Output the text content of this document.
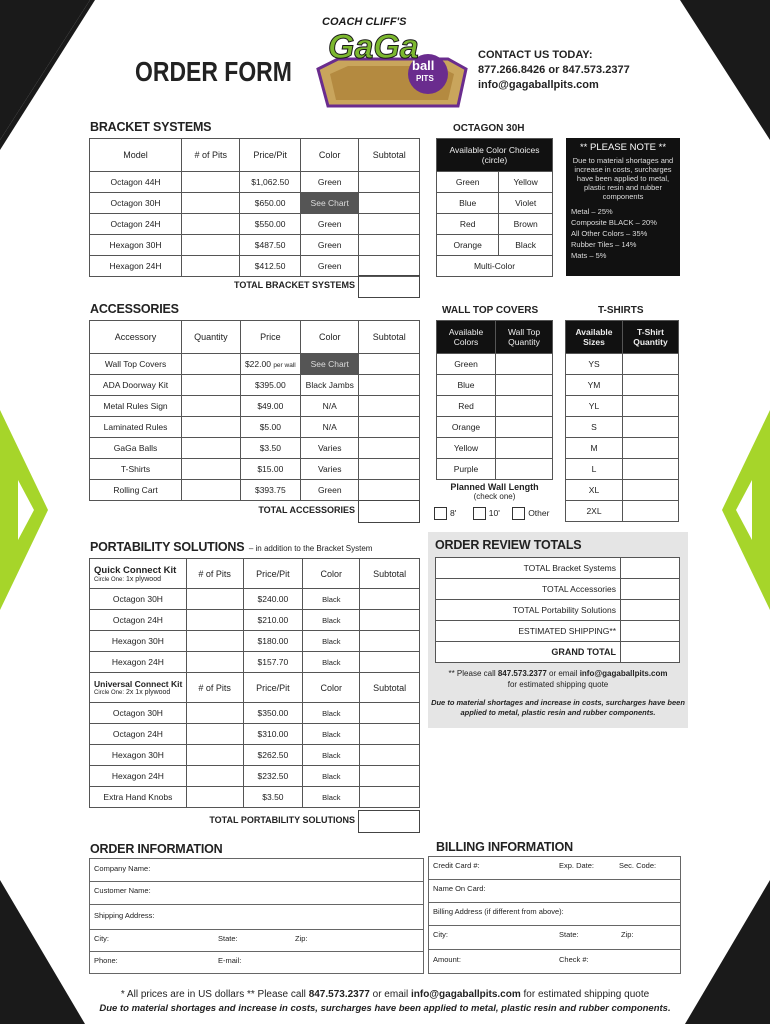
ORDER FORM
COACH CLIFF'S
GaGa
ball
PITS
CONTACT US TODAY:
877.266.8426 or 847.573.2377
info@gagaballpits.com
BRACKET SYSTEMS
Model	# of Pits	Price/Pit	Color	Subtotal
Octagon 44H		$1,062.50	Green	
Octagon 30H		$650.00	See Chart	
Octagon 24H		$550.00	Green	
Hexagon 30H		$487.50	Green	
Hexagon 24H		$412.50	Green	
TOTAL BRACKET SYSTEMS
OCTAGON 30H
Available Color Choices (circle)	
Green	Yellow
Blue	Violet
Red	Brown
Orange	Black
Multi-Color	
** PLEASE NOTE **
Due to material shortages and increase in costs, surcharges have been applied to metal, plastic resin and rubber components
Metal – 25%
Composite BLACK – 20%
All Other Colors – 35%
Rubber Tiles – 14%
Mats – 5%
ACCESSORIES
Accessory	Quantity	Price	Color	Subtotal
Wall Top Covers		$22.00 per wall	See Chart	
ADA Doorway Kit		$395.00	Black Jambs	
Metal Rules Sign		$49.00	N/A	
Laminated Rules		$5.00	N/A	
GaGa Balls		$3.50	Varies	
T-Shirts		$15.00	Varies	
Rolling Cart		$393.75	Green	
TOTAL ACCESSORIES
WALL TOP COVERS
Available Colors	Wall Top Quantity
Green	
Blue	
Red	
Orange	
Yellow	
Purple	
Planned Wall Length
(check one)
8'	10'	Other
T-SHIRTS
Available Sizes	T-Shirt Quantity
YS	
YM	
YL	
S	
M	
L	
XL	
2XL	
PORTABILITY SOLUTIONS – in addition to the Bracket System
Quick Connect Kit
Circle One: 1x plywood	# of Pits	Price/Pit	Color	Subtotal
Octagon 30H		$240.00	Black	
Octagon 24H		$210.00	Black	
Hexagon 30H		$180.00	Black	
Hexagon 24H		$157.70	Black	

Universal Connect Kit
Circle One: 2x 1x plywood	# of Pits	Price/Pit	Color	Subtotal
Octagon 30H		$350.00	Black	
Octagon 24H		$310.00	Black	
Hexagon 30H		$262.50	Black	
Hexagon 24H		$232.50	Black	
Extra Hand Knobs		$3.50	Black	
TOTAL PORTABILITY SOLUTIONS
ORDER REVIEW TOTALS
TOTAL Bracket Systems	
TOTAL Accessories	
TOTAL Portability Solutions	
ESTIMATED SHIPPING**	
GRAND TOTAL	
** Please call 847.573.2377 or email info@gagaballpits.com
for estimated shipping quote
Due to material shortages and increase in costs, surcharges have been applied to metal, plastic resin and rubber components.
ORDER INFORMATION
Company Name:
Customer Name:
Shipping Address:
City:	State:	Zip:
Phone:	E-mail:
BILLING INFORMATION
Credit Card #:	Exp. Date:	Sec. Code:
Name On Card:
Billing Address (if different from above):
City:	State:	Zip:
Amount:	Check #:
* All prices are in US dollars ** Please call 847.573.2377 or email info@gagaballpits.com for estimated shipping quote
Due to material shortages and increase in costs, surcharges have been applied to metal, plastic resin and rubber components.
